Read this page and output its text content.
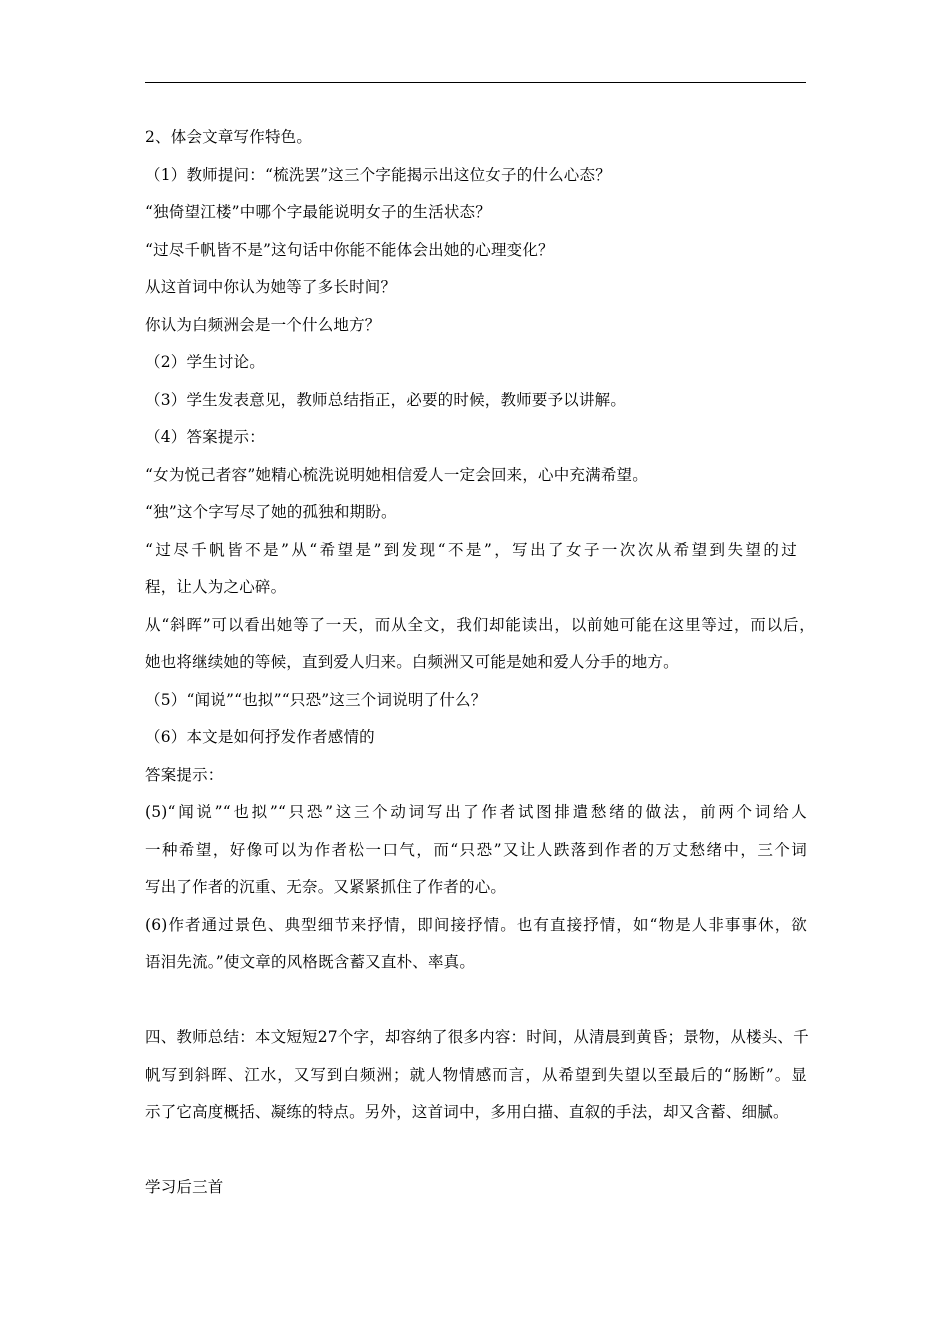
2、体会文章写作特色。
（1）教师提问：“梳洗罢”这三个字能揭示出这位女子的什么心态？
“独倚望江楼”中哪个字最能说明女子的生活状态？
“过尽千帆皆不是”这句话中你能不能体会出她的心理变化？
从这首词中你认为她等了多长时间？
你认为白频洲会是一个什么地方？
（2）学生讨论。
（3）学生发表意见，教师总结指正，必要的时候，教师要予以讲解。
（4）答案提示：
“女为悦己者容”她精心梳洗说明她相信爱人一定会回来，心中充满希望。
“独”这个字写尽了她的孤独和期盼。
“过尽千帆皆不是”从“希望是”到发现“不是”，写出了女子一次次从希望到失望的过
程，让人为之心碎。
从“斜晖”可以看出她等了一天，而从全文，我们却能读出，以前她可能在这里等过，而以后，
她也将继续她的等候，直到爱人归来。白频洲又可能是她和爱人分手的地方。
（5）“闻说”“也拟”“只恐”这三个词说明了什么？
（6）本文是如何抒发作者感情的
答案提示：
(5)“闻说”“也拟”“只恐”这三个动词写出了作者试图排遣愁绪的做法，前两个词给人
一种希望，好像可以为作者松一口气，而“只恐”又让人跌落到作者的万丈愁绪中，三个词
写出了作者的沉重、无奈。又紧紧抓住了作者的心。
(6)作者通过景色、典型细节来抒情，即间接抒情。也有直接抒情，如“物是人非事事休，欲
语泪先流。”使文章的风格既含蓄又直朴、率真。
四、教师总结：本文短短27个字，却容纳了很多内容：时间，从清晨到黄昏；景物，从楼头、千
帆写到斜晖、江水，又写到白频洲；就人物情感而言，从希望到失望以至最后的“肠断”。显
示了它高度概括、凝练的特点。另外，这首词中，多用白描、直叙的手法，却又含蓄、细腻。
学习后三首
